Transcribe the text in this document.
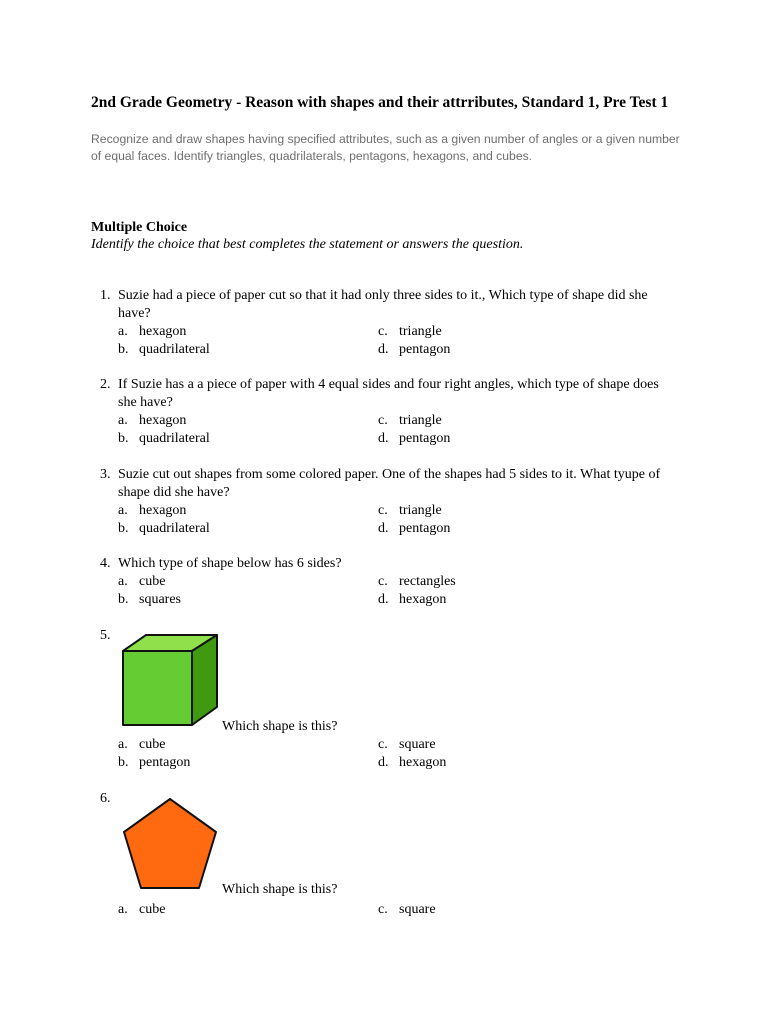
2nd Grade Geometry - Reason with shapes and their attrributes, Standard 1, Pre Test 1
Recognize and draw shapes having specified attributes, such as a given number of angles or a given number of equal faces. Identify triangles, quadrilaterals, pentagons, hexagons, and cubes.
Multiple Choice
Identify the choice that best completes the statement or answers the question.
1. Suzie had a piece of paper cut so that it had only three sides to it., Which type of shape did she have?
a. hexagon
b. quadrilateral
c. triangle
d. pentagon
2. If Suzie has a a piece of paper with 4 equal sides and four right angles, which type of shape does she have?
a. hexagon
b. quadrilateral
c. triangle
d. pentagon
3. Suzie cut out shapes from some colored paper. One of the shapes had 5 sides to it. What tyupe of shape did she have?
a. hexagon
b. quadrilateral
c. triangle
d. pentagon
4. Which type of shape below has 6 sides?
a. cube
b. squares
c. rectangles
d. hexagon
5.
Which shape is this?
a. cube
b. pentagon
c. square
d. hexagon
6.
Which shape is this?
a. cube	c. square
